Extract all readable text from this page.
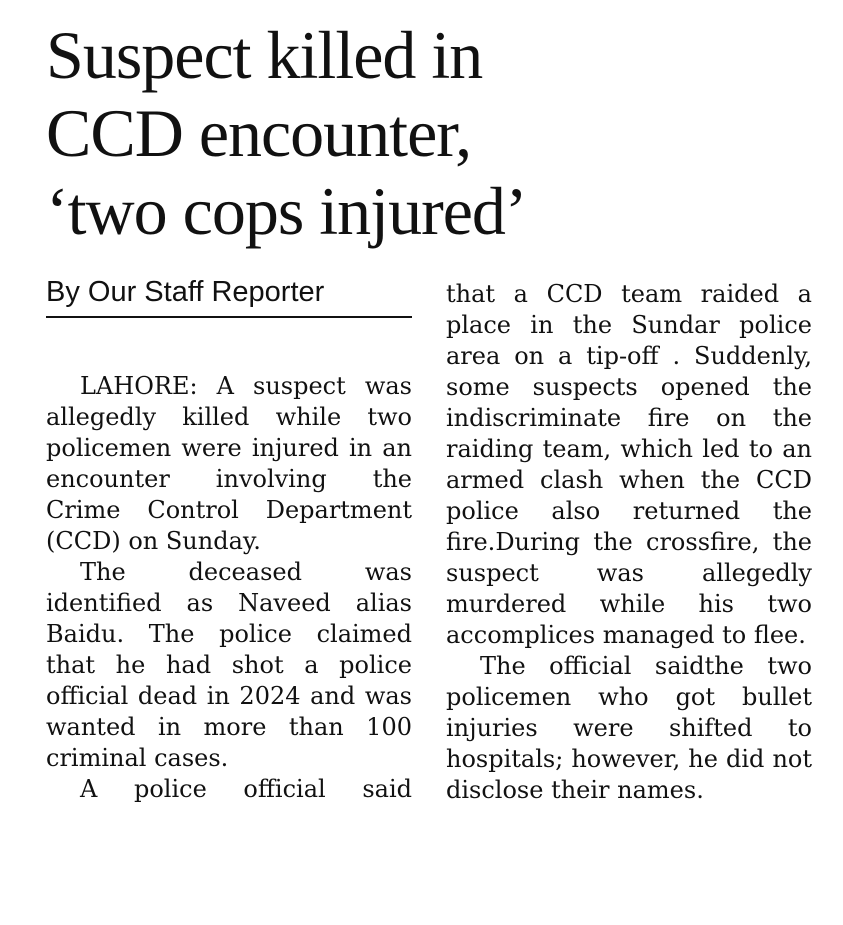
Suspect killed in
CCD encounter,
‘two cops injured’
By Our Staff Reporter

LAHORE: A suspect was allegedly killed while two policemen were injured in an encounter involving the Crime Control Department (CCD) on Sunday.

The deceased was identified as Naveed alias Baidu. The police claimed that he had shot a police official dead in 2024 and was wanted in more than 100 criminal cases.

A police official said

that a CCD team raided a place in the Sundar police area on a tip-off . Suddenly, some suspects opened the indiscriminate fire on the raiding team, which led to an armed clash when the CCD police also returned the fire.During the crossfire, the suspect was allegedly murdered while his two accomplices managed to flee.

The official saidthe two policemen who got bullet injuries were shifted to hospitals; however, he did not disclose their names.
